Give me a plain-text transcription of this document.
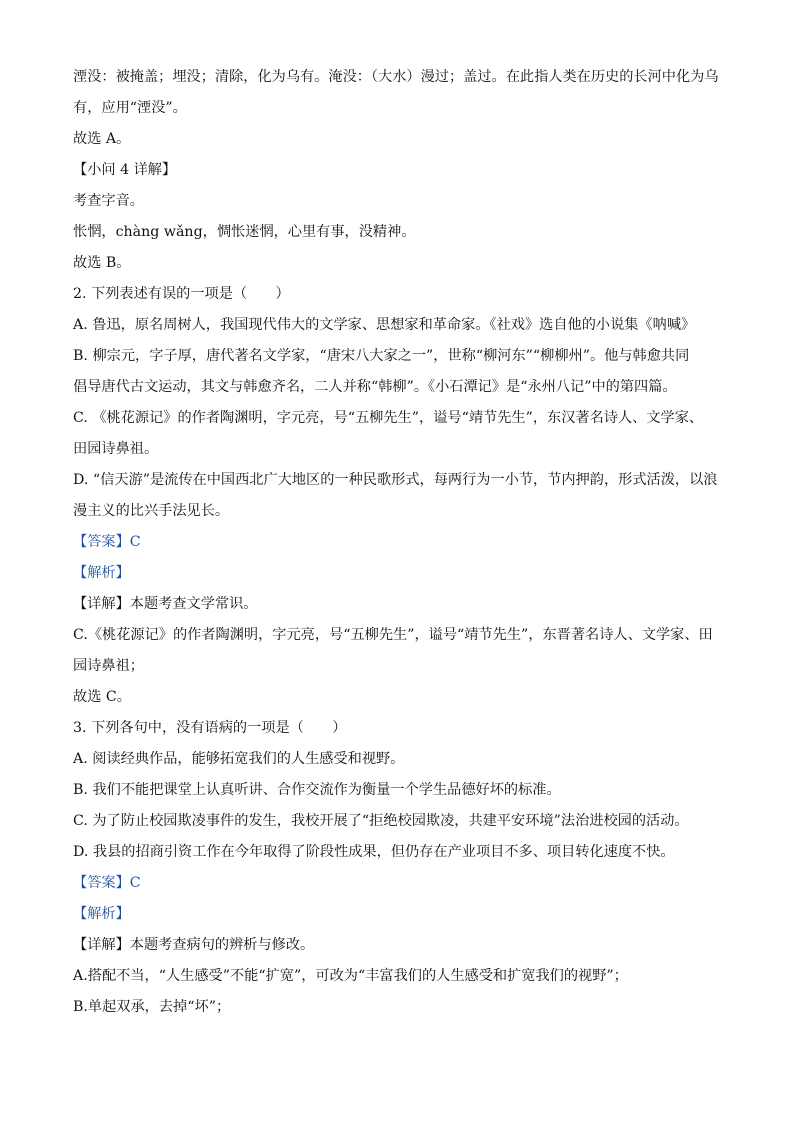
湮没：被掩盖；埋没；清除，化为乌有。淹没：（大水）漫过；盖过。在此指人类在历史的长河中化为乌

有，应用“湮没”。

故选 A。

【小问 4 详解】

考查字音。

怅惘，chàng wǎng，惆怅迷惘，心里有事，没精神。

故选 B。

2. 下列表述有误的一项是（　　）

A. 鲁迅，原名周树人，我国现代伟大的文学家、思想家和革命家。《社戏》选自他的小说集《呐喊》

B. 柳宗元，字子厚，唐代著名文学家，“唐宋八大家之一”，世称“柳河东”“柳柳州”。他与韩愈共同

倡导唐代古文运动，其文与韩愈齐名，二人并称“韩柳”。《小石潭记》是“永州八记”中的第四篇。

C. 《桃花源记》的作者陶渊明，字元亮，号“五柳先生”，谥号“靖节先生”，东汉著名诗人、文学家、

田园诗鼻祖。

D. “信天游”是流传在中国西北广大地区的一种民歌形式，每两行为一小节，节内押韵，形式活泼，以浪

漫主义的比兴手法见长。

【答案】C

【解析】

【详解】本题考查文学常识。

C.《桃花源记》的作者陶渊明，字元亮，号“五柳先生”，谥号“靖节先生”，东晋著名诗人、文学家、田

园诗鼻祖；

故选 C。

3. 下列各句中，没有语病的一项是（　　）

A. 阅读经典作品，能够拓宽我们的人生感受和视野。

B. 我们不能把课堂上认真听讲、合作交流作为衡量一个学生品德好坏的标准。

C. 为了防止校园欺凌事件的发生，我校开展了“拒绝校园欺凌，共建平安环境”法治进校园的活动。

D. 我县的招商引资工作在今年取得了阶段性成果，但仍存在产业项目不多、项目转化速度不快。

【答案】C

【解析】

【详解】本题考查病句的辨析与修改。

A.搭配不当，“人生感受”不能“扩宽”，可改为“丰富我们的人生感受和扩宽我们的视野”；

B.单起双承，去掉“坏”；
